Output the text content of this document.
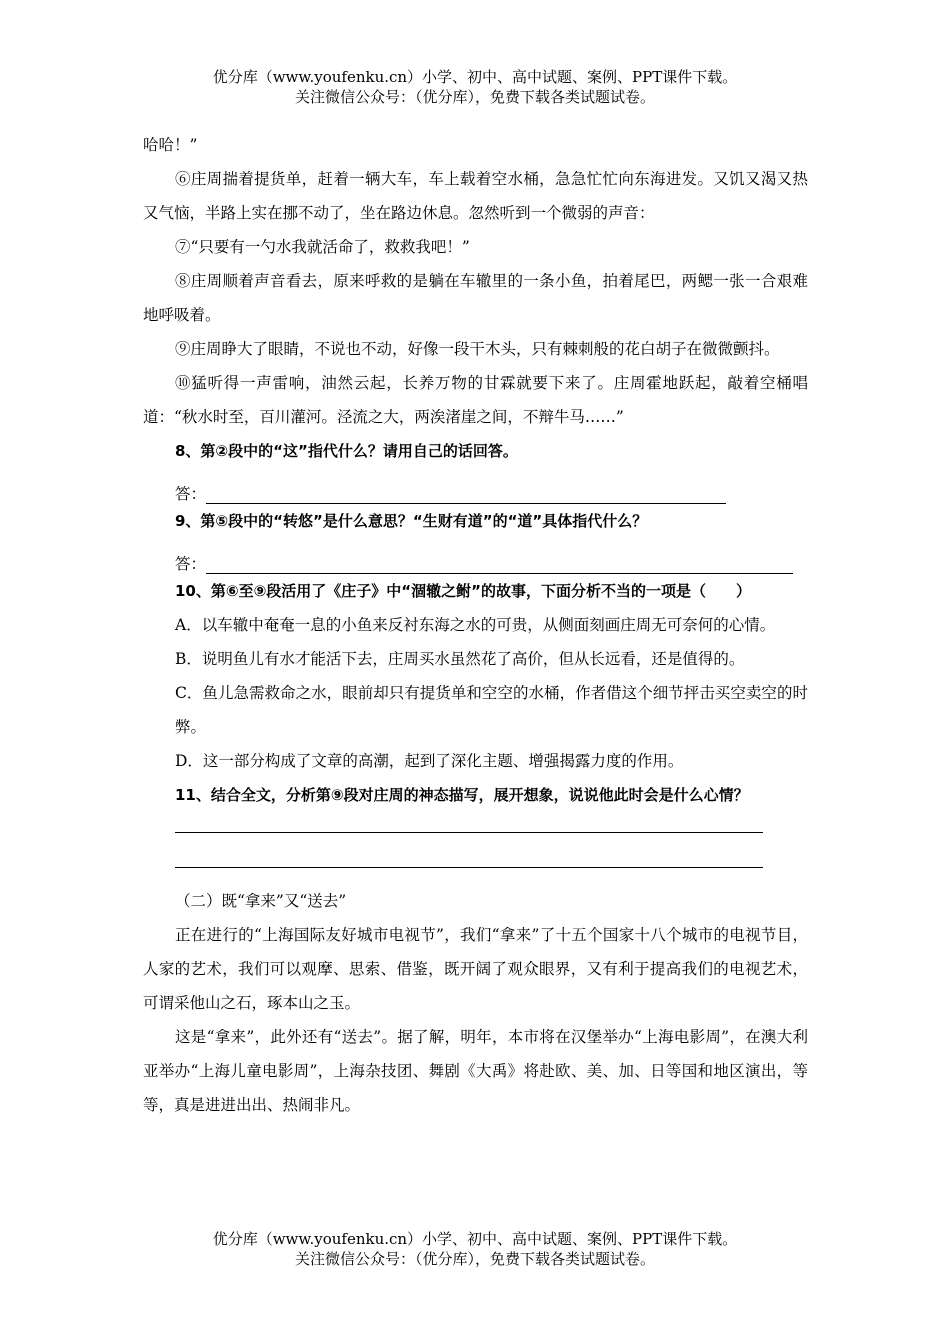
优分库（www.youfenku.cn）小学、初中、高中试题、案例、PPT课件下载。
关注微信公众号：（优分库），免费下载各类试题试卷。

哈哈！”

⑥庄周揣着提货单，赶着一辆大车，车上载着空水桶，急急忙忙向东海进发。又饥又渴又热又气恼，半路上实在挪不动了，坐在路边休息。忽然听到一个微弱的声音：

⑦“只要有一勺水我就活命了，救救我吧！”

⑧庄周顺着声音看去，原来呼救的是躺在车辙里的一条小鱼，拍着尾巴，两鳃一张一合艰难地呼吸着。

⑨庄周睁大了眼睛，不说也不动，好像一段干木头，只有棘刺般的花白胡子在微微颤抖。

⑩猛听得一声雷响，油然云起，长养万物的甘霖就要下来了。庄周霍地跃起，敲着空桶唱道：“秋水时至，百川灌河。泾流之大，两涘渚崖之间，不辩牛马……”

8、第②段中的“这”指代什么？请用自己的话回答。

答：

9、第⑤段中的“转悠”是什么意思？“生财有道”的“道”具体指代什么？

答：

10、第⑥至⑨段活用了《庄子》中“涸辙之鲋”的故事，下面分析不当的一项是（　　）

A．以车辙中奄奄一息的小鱼来反衬东海之水的可贵，从侧面刻画庄周无可奈何的心情。

B．说明鱼儿有水才能活下去，庄周买水虽然花了高价，但从长远看，还是值得的。

C．鱼儿急需救命之水，眼前却只有提货单和空空的水桶，作者借这个细节抨击买空卖空的时弊。

D．这一部分构成了文章的高潮，起到了深化主题、增强揭露力度的作用。

11、结合全文，分析第⑨段对庄周的神态描写，展开想象，说说他此时会是什么心情？

（二）既“拿来”又“送去”

正在进行的“上海国际友好城市电视节”，我们“拿来”了十五个国家十八个城市的电视节目，人家的艺术，我们可以观摩、思索、借鉴，既开阔了观众眼界，又有利于提高我们的电视艺术，可谓采他山之石，琢本山之玉。

这是“拿来”，此外还有“送去”。据了解，明年，本市将在汉堡举办“上海电影周”，在澳大利亚举办“上海儿童电影周”，上海杂技团、舞剧《大禹》将赴欧、美、加、日等国和地区演出，等等，真是进进出出、热闹非凡。

优分库（www.youfenku.cn）小学、初中、高中试题、案例、PPT课件下载。
关注微信公众号：（优分库），免费下载各类试题试卷。
